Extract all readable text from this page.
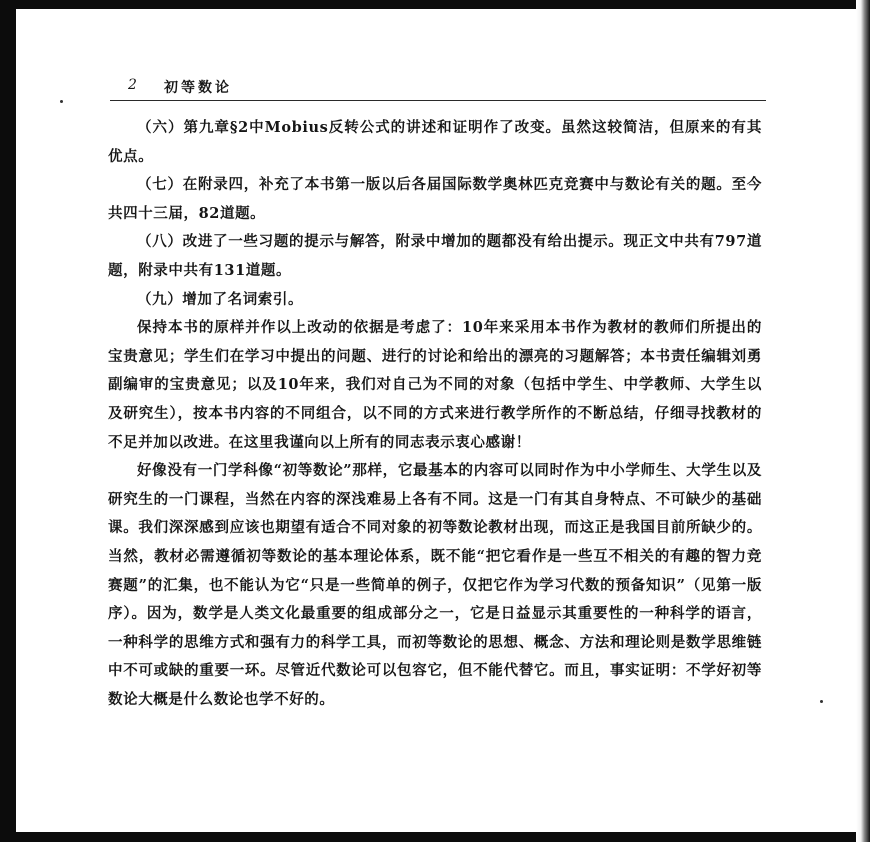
2 初等数论

（六）第九章§2中Mobius反转公式的讲述和证明作了改变。虽然这较简洁，但原来的有其优点。

（七）在附录四，补充了本书第一版以后各届国际数学奥林匹克竞赛中与数论有关的题。至今共四十三届，82道题。

（八）改进了一些习题的提示与解答，附录中增加的题都没有给出提示。现正文中共有797道题，附录中共有131道题。

（九）增加了名词索引。

保持本书的原样并作以上改动的依据是考虑了：10年来采用本书作为教材的教师们所提出的宝贵意见；学生们在学习中提出的问题、进行的讨论和给出的漂亮的习题解答；本书责任编辑刘勇副编审的宝贵意见；以及10年来，我们对自己为不同的对象（包括中学生、中学教师、大学生以及研究生），按本书内容的不同组合，以不同的方式来进行教学所作的不断总结，仔细寻找教材的不足并加以改进。在这里我谨向以上所有的同志表示衷心感谢！

好像没有一门学科像“初等数论”那样，它最基本的内容可以同时作为中小学师生、大学生以及研究生的一门课程，当然在内容的深浅难易上各有不同。这是一门有其自身特点、不可缺少的基础课。我们深深感到应该也期望有适合不同对象的初等数论教材出现，而这正是我国目前所缺少的。当然，教材必需遵循初等数论的基本理论体系，既不能“把它看作是一些互不相关的有趣的智力竞赛题”的汇集，也不能认为它“只是一些简单的例子，仅把它作为学习代数的预备知识”（见第一版序）。因为，数学是人类文化最重要的组成部分之一，它是日益显示其重要性的一种科学的语言，一种科学的思维方式和强有力的科学工具，而初等数论的思想、概念、方法和理论则是数学思维链中不可或缺的重要一环。尽管近代数论可以包容它，但不能代替它。而且，事实证明：不学好初等数论大概是什么数论也学不好的。
